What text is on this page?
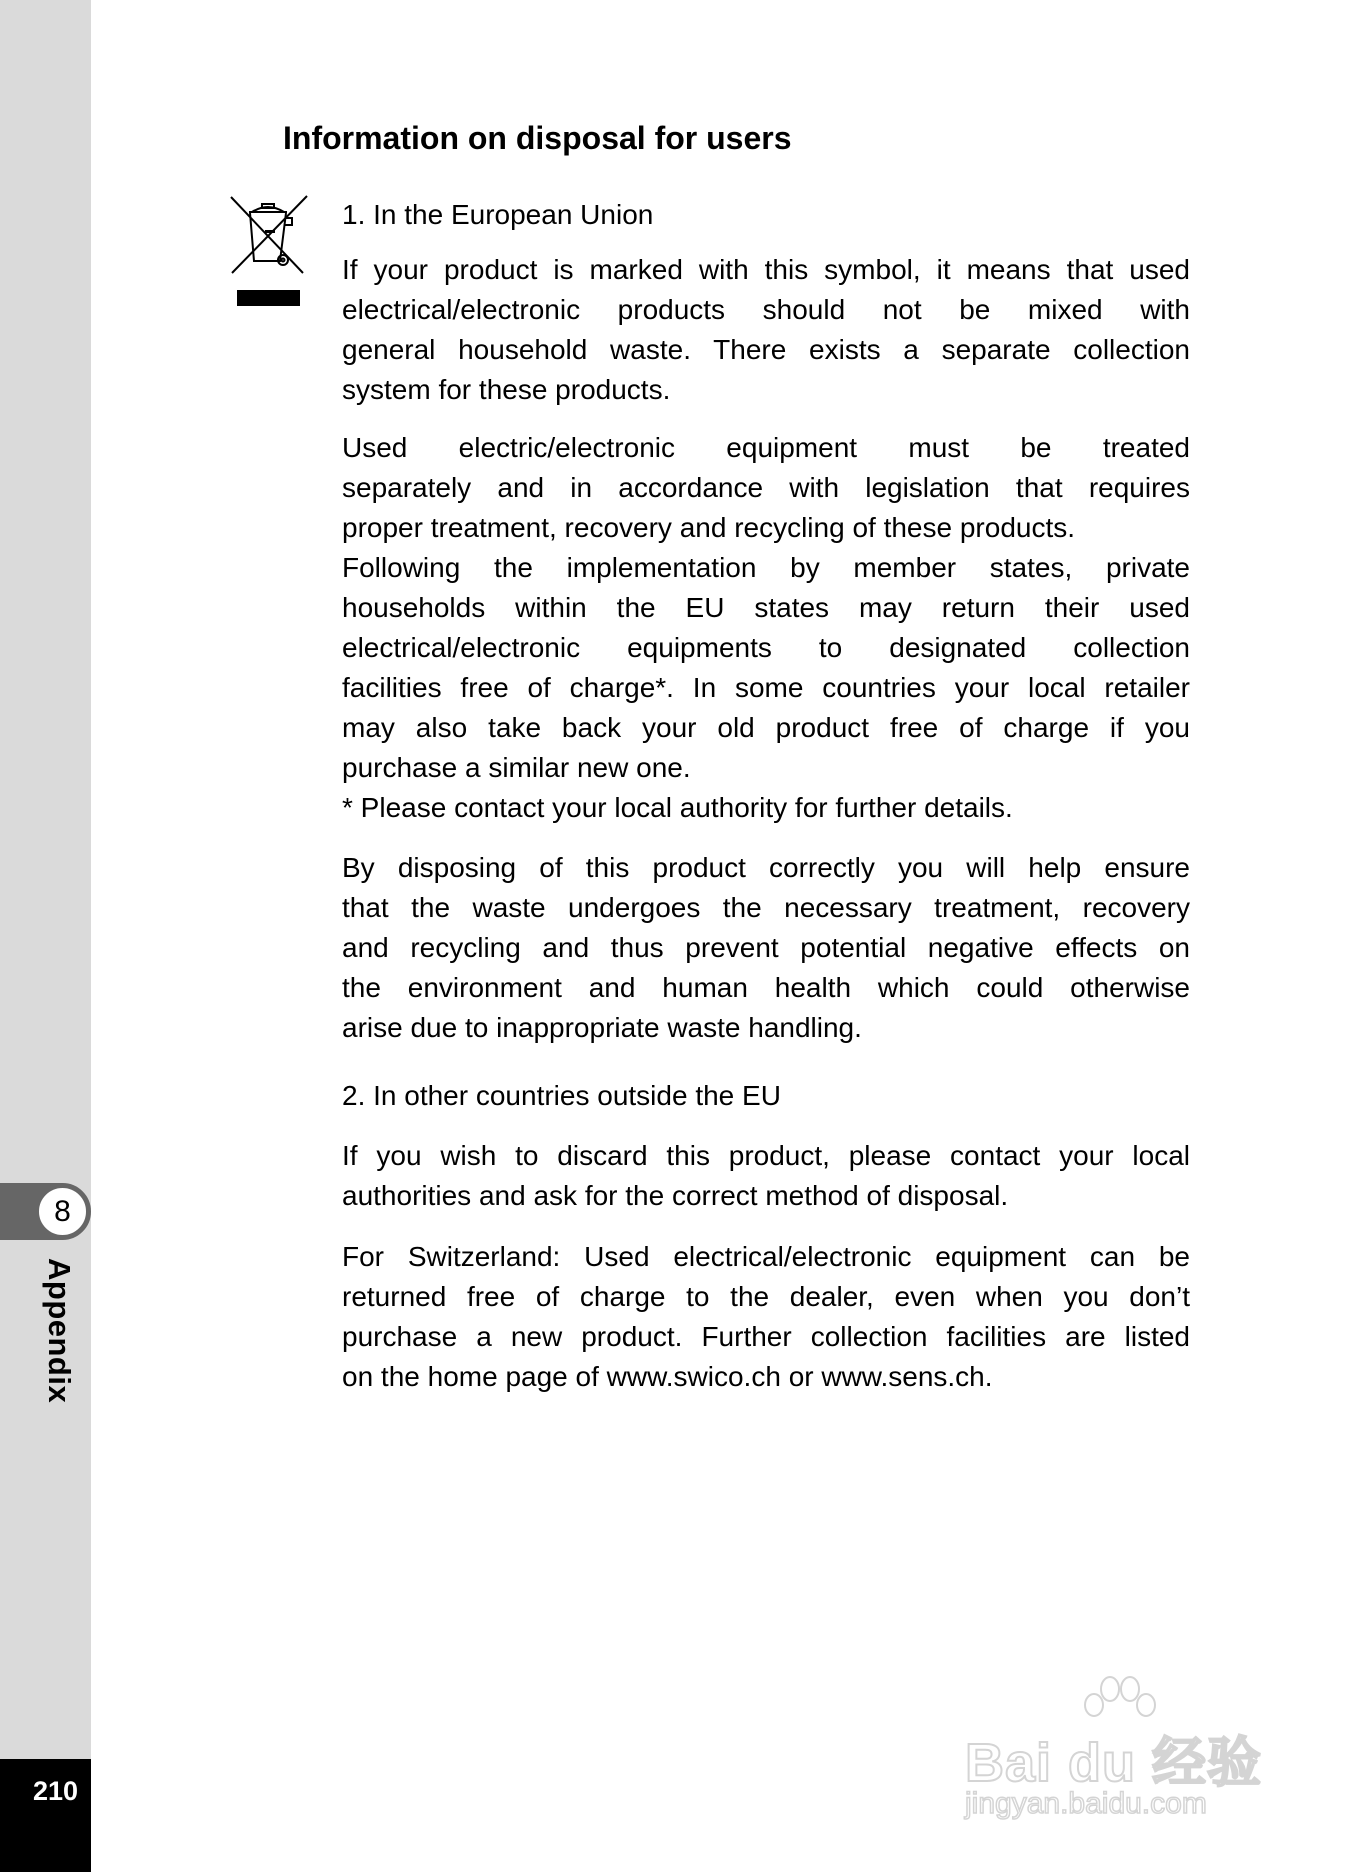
8
Appendix
210
Information on disposal for users
1. In the European Union
If your product is marked with this symbol, it means that used
electrical/electronic products should not be mixed with
general household waste. There exists a separate collection
system for these products.
Used electric/electronic equipment must be treated
separately and in accordance with legislation that requires
proper treatment, recovery and recycling of these products.
Following the implementation by member states, private
households within the EU states may return their used
electrical/electronic equipments to designated collection
facilities free of charge*. In some countries your local retailer
may also take back your old product free of charge if you
purchase a similar new one.
* Please contact your local authority for further details.
By disposing of this product correctly you will help ensure
that the waste undergoes the necessary treatment, recovery
and recycling and thus prevent potential negative effects on
the environment and human health which could otherwise
arise due to inappropriate waste handling.
2. In other countries outside the EU
If you wish to discard this product, please contact your local
authorities and ask for the correct method of disposal.
For Switzerland: Used electrical/electronic equipment can be
returned free of charge to the dealer, even when you don’t
purchase a new product. Further collection facilities are listed
on the home page of www.swico.ch or www.sens.ch.
Bai du 经验
jingyan.baidu.com
